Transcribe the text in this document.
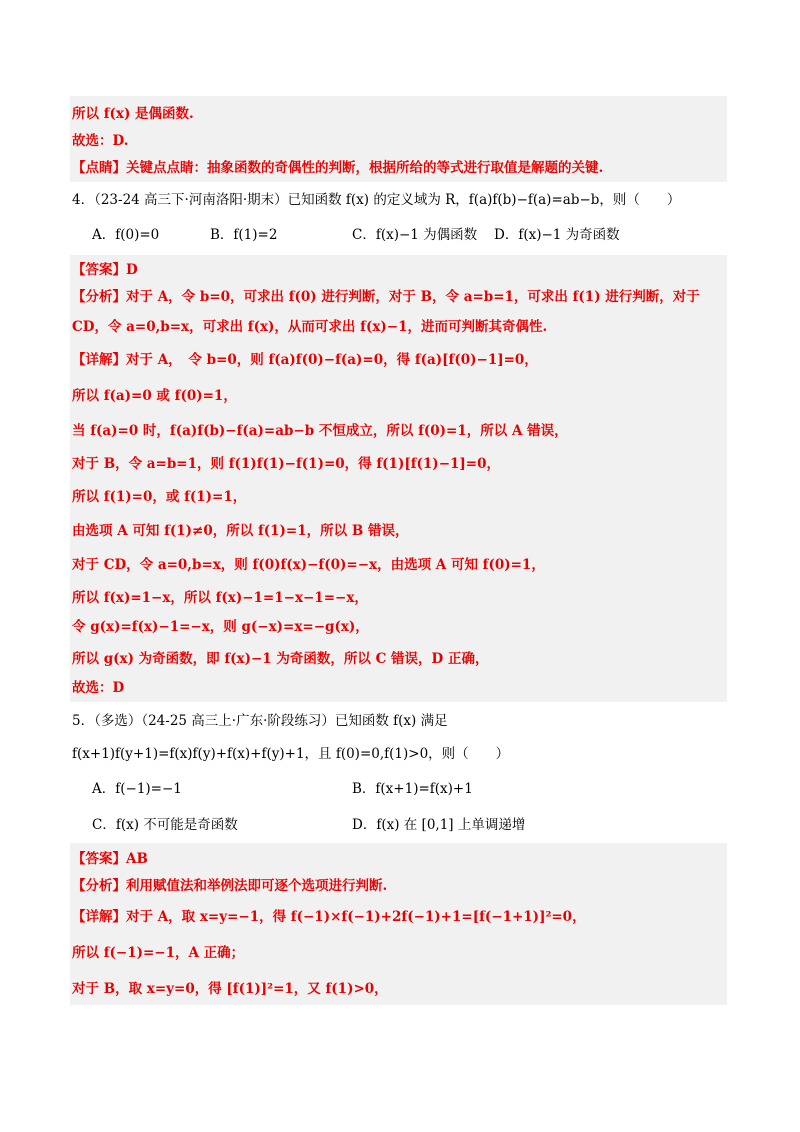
所以 f(x) 是偶函数.
故选：D.
【点睛】关键点点睛：抽象函数的奇偶性的判断，根据所给的等式进行取值是解题的关键.
4．（23-24 高三下·河南洛阳·期末）已知函数 f(x) 的定义域为 R，f(a)f(b)−f(a)=ab−b，则（　　）
A．f(0)=0	B．f(1)=2	C．f(x)−1 为偶函数 D．f(x)−1 为奇函数
【答案】D
【分析】对于 A，令 b=0，可求出 f(0) 进行判断，对于 B，令 a=b=1，可求出 f(1) 进行判断，对于
CD，令 a=0,b=x，可求出 f(x)，从而可求出 f(x)−1，进而可判断其奇偶性.
【详解】对于 A，　令 b=0，则 f(a)f(0)−f(a)=0，得 f(a)[f(0)−1]=0，
所以 f(a)=0 或 f(0)=1，
当 f(a)=0 时，f(a)f(b)−f(a)=ab−b 不恒成立，所以 f(0)=1，所以 A 错误，
对于 B，令 a=b=1，则 f(1)f(1)−f(1)=0，得 f(1)[f(1)−1]=0，
所以 f(1)=0，或 f(1)=1，
由选项 A 可知 f(1)≠0，所以 f(1)=1，所以 B 错误，
对于 CD，令 a=0,b=x，则 f(0)f(x)−f(0)=−x，由选项 A 可知 f(0)=1，
所以 f(x)=1−x，所以 f(x)−1=1−x−1=−x，
令 g(x)=f(x)−1=−x，则 g(−x)=x=−g(x)，
所以 g(x) 为奇函数，即 f(x)−1 为奇函数，所以 C 错误，D 正确，
故选：D
5．（多选）（24-25 高三上·广东·阶段练习）已知函数 f(x) 满足
f(x+1)f(y+1)=f(x)f(y)+f(x)+f(y)+1，且 f(0)=0,f(1)>0，则（　　）
A．f(−1)=−1	B．f(x+1)=f(x)+1
C．f(x) 不可能是奇函数	D．f(x) 在 [0,1] 上单调递增
【答案】AB
【分析】利用赋值法和举例法即可逐个选项进行判断.
【详解】对于 A，取 x=y=−1，得 f(−1)×f(−1)+2f(−1)+1=[f(−1+1)]²=0，
所以 f(−1)=−1，A 正确；
对于 B，取 x=y=0，得 [f(1)]²=1，又 f(1)>0，
